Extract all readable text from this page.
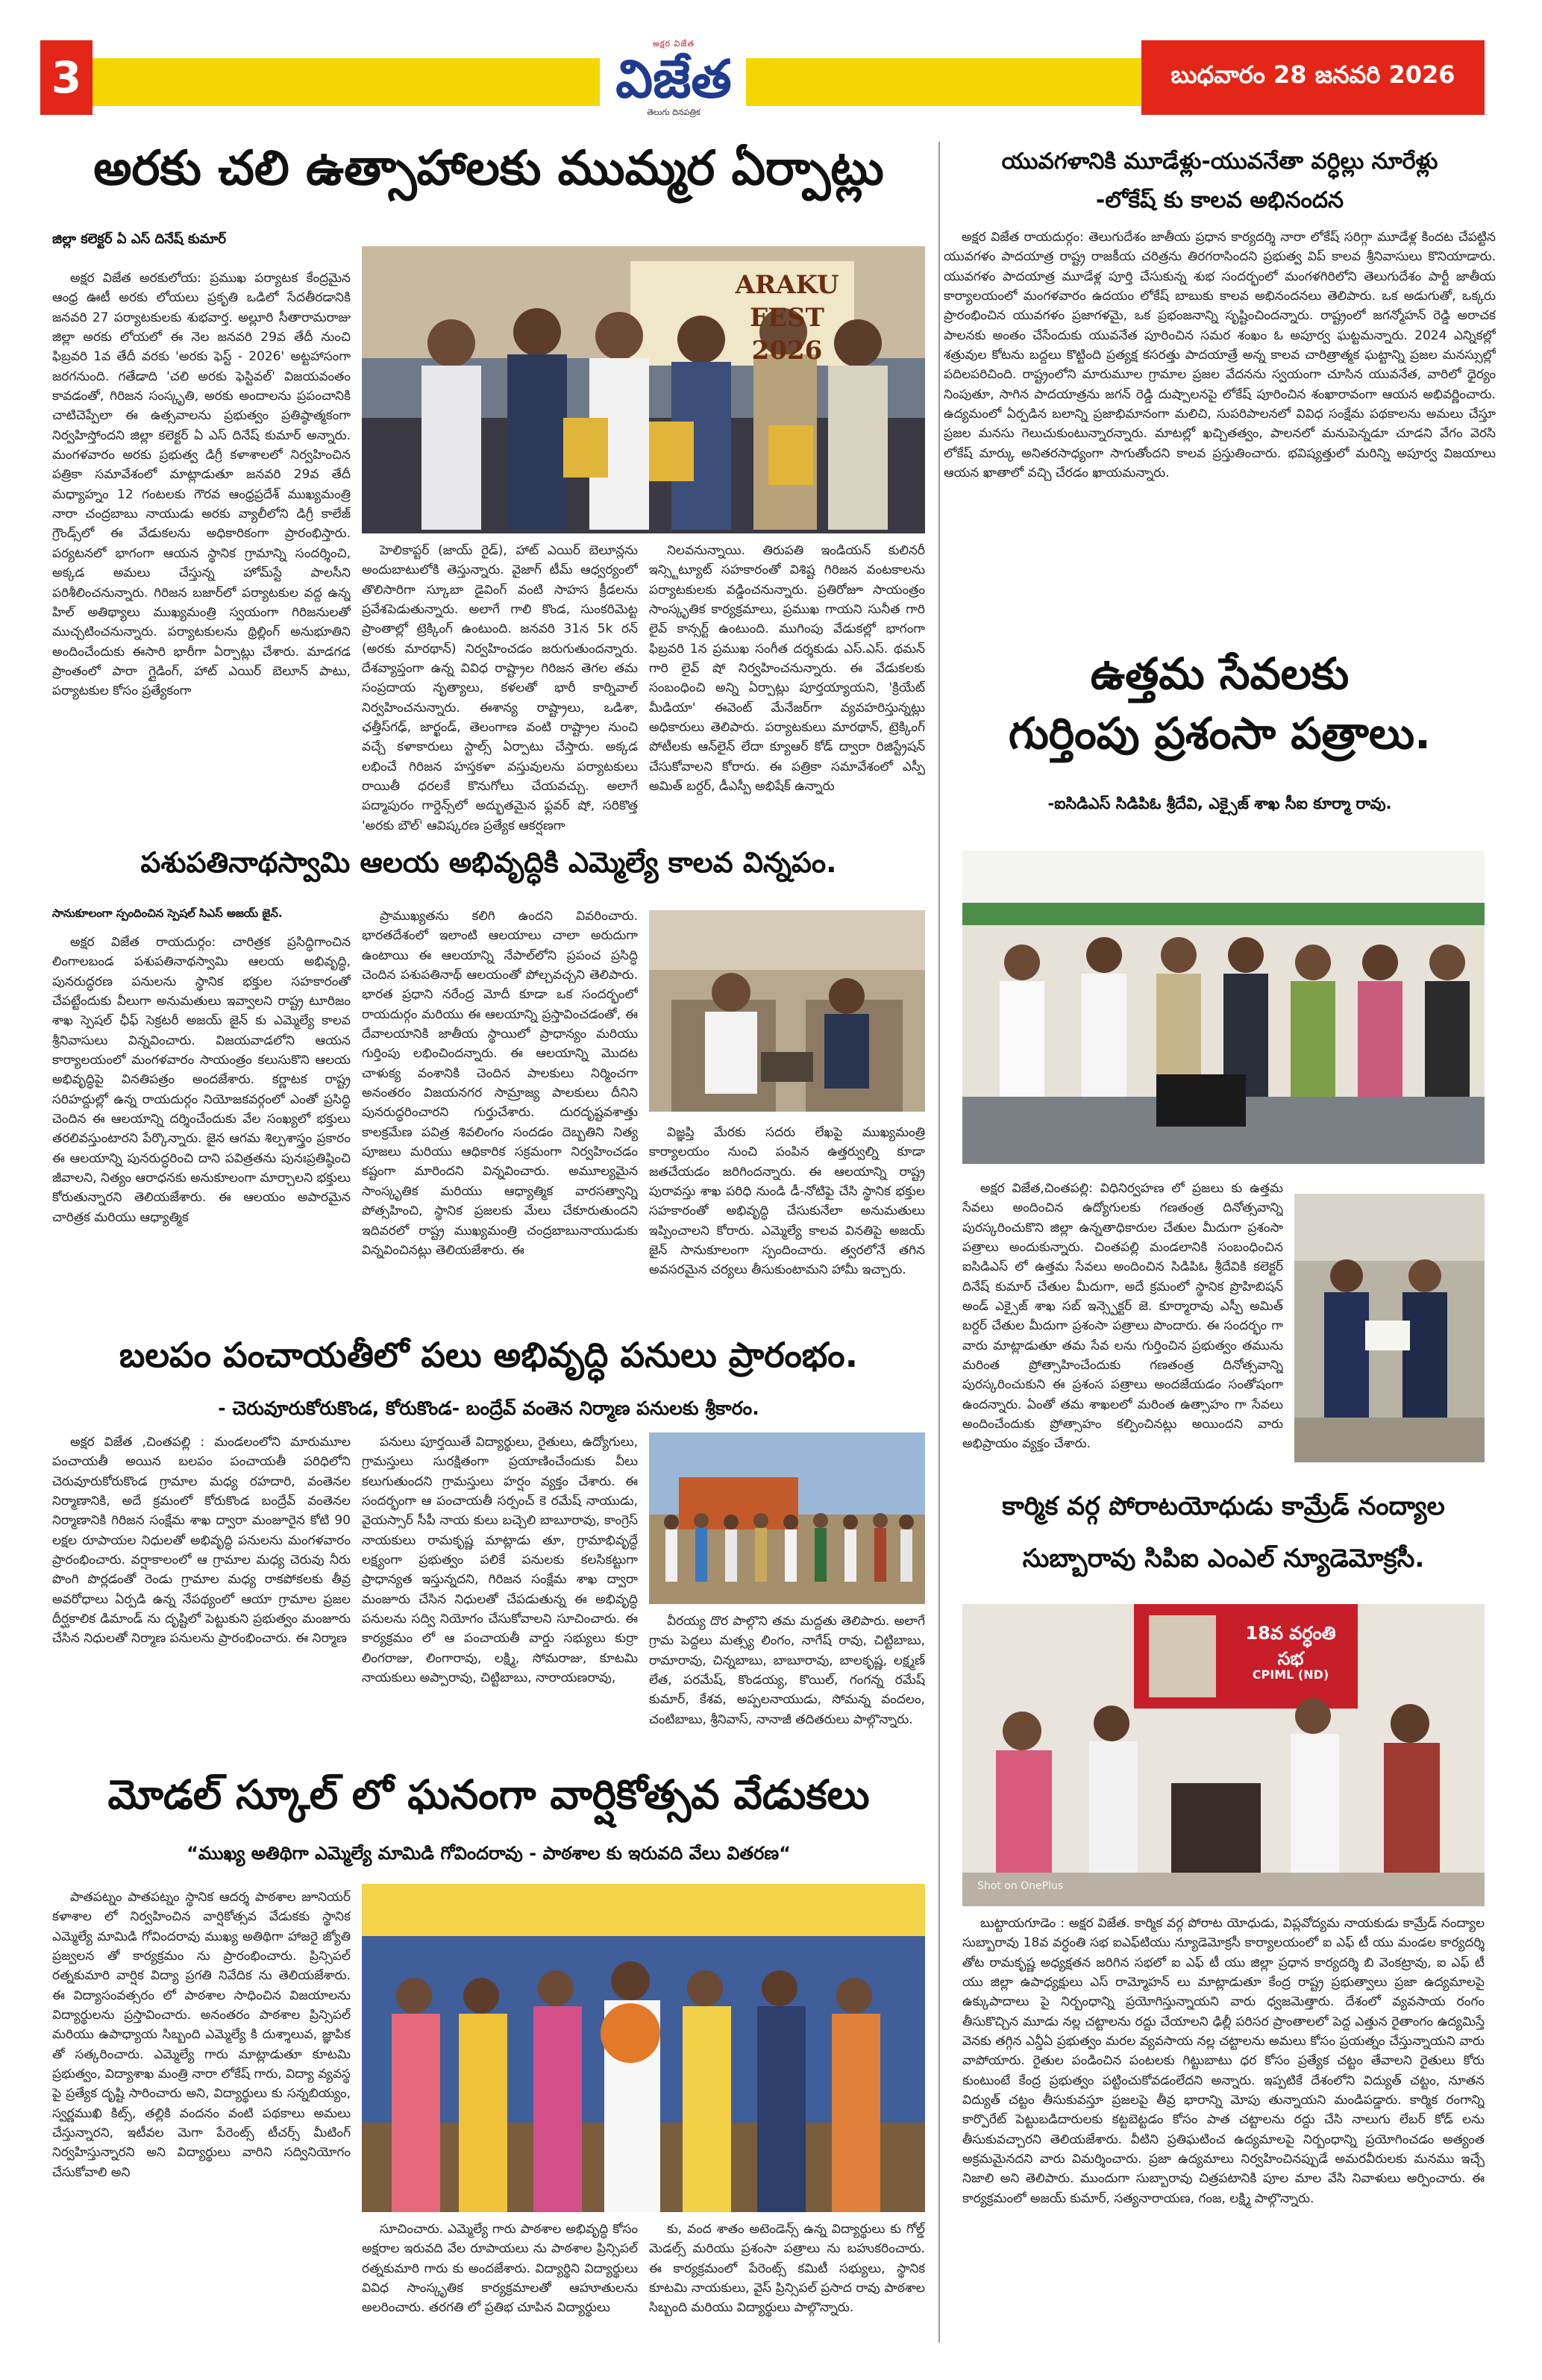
3
అక్షర విజేత
విజేత
తెలుగు దినపత్రిక
బుధవారం 28 జనవరి 2026
అరకు చలి ఉత్సాహాలకు ముమ్మర ఏర్పాట్లు
జిల్లా కలెక్టర్ ఏ ఎస్ దినేష్ కుమార్

అక్షర విజేత అరకులోయ: ప్రముఖ పర్యాటక కేంద్రమైన ఆంధ్ర ఊటీ అరకు లోయలు ప్రకృతి ఒడిలో సేదతీరడానికి జనవరి 27 పర్యాటకులకు శుభవార్త. అల్లూరి సీతారామరాజు జిల్లా అరకు లోయలో ఈ నెల జనవరి 29వ తేదీ నుంచి ఫిబ్రవరి 1వ తేదీ వరకు 'అరకు ఫెస్ట్ - 2026' అట్టహాసంగా జరగనుంది. గతేడాది 'చలి అరకు ఫెస్టివల్' విజయవంతం కావడంతో, గిరిజన సంస్కృతి, అరకు అందాలను ప్రపంచానికి చాటిచెప్పేలా ఈ ఉత్సవాలను ప్రభుత్వం ప్రతిష్ఠాత్మకంగా నిర్వహిస్తోందని జిల్లా కలెక్టర్ ఏ ఎస్ దినేష్ కుమార్ అన్నారు. మంగళవారం అరకు ప్రభుత్వ డిగ్రీ కళాశాలలో నిర్వహించిన పత్రికా సమావేశంలో మాట్లాడుతూ జనవరి 29వ తేదీ మధ్యాహ్నం 12 గంటలకు గౌరవ ఆంధ్రప్రదేశ్ ముఖ్యమంత్రి నారా చంద్రబాబు నాయుడు అరకు వ్యాలీలోని డిగ్రీ కాలేజ్ గ్రౌండ్స్‌లో ఈ వేడుకలను అధికారికంగా ప్రారంభిస్తారు. పర్యటనలో భాగంగా ఆయన స్థానిక గ్రామాన్ని సందర్శించి, అక్కడ అమలు చేస్తున్న హోమ్‌స్టే పాలసీని పరిశీలించనున్నారు. గిరిజన బజార్‌లో పర్యాటకుల వద్ద ఉన్న హిల్ అతిథ్యాలు ముఖ్యమంత్రి స్వయంగా గిరిజనులతో ముచ్చటించనున్నారు. పర్యాటకులను థ్రిల్లింగ్ అనుభూతిని అందించేందుకు ఈసారి భారీగా ఏర్పాట్లు చేశారు. మాడగడ ప్రాంతంలో పారా గ్లైడింగ్, హాట్ ఎయిర్ బెలూన్ పాటు, పర్యాటకుల కోసం ప్రత్యేకంగా

ARAKU FEST 2026

హెలికాప్టర్ (జాయ్ రైడ్), హాట్ ఎయిర్ బెలూన్లను అందుబాటులోకి తెస్తున్నారు. వైజాగ్ టీమ్ ఆధ్వర్యంలో తొలిసారిగా స్కూబా డైవింగ్ వంటి సాహస క్రీడలను ప్రవేశపెడుతున్నారు. అలాగే గాలి కొండ, సుంకరిమెట్ట ప్రాంతాల్లో ట్రెక్కింగ్ ఉంటుంది. జనవరి 31న 5k రన్ (అరకు మారథాన్) నిర్వహించడం జరుగుతుందన్నారు. దేశవ్యాప్తంగా ఉన్న వివిధ రాష్ట్రాల గిరిజన తెగల తమ సంప్రదాయ నృత్యాలు, కళలతో భారీ కార్నివాల్ నిర్వహించనున్నారు. ఈశాన్య రాష్ట్రాలు, ఒడిశా, ఛత్తీస్‌గఢ్, జార్ఖండ్, తెలంగాణ వంటి రాష్ట్రాల నుంచి వచ్చే కళాకారులు స్టాల్స్ ఏర్పాటు చేస్తారు. అక్కడ లభించే గిరిజన హస్తకళా వస్తువులను పర్యాటకులు రాయితీ ధరలకే కొనుగోలు చేయవచ్చు. అలాగే పద్మాపురం గార్డెన్స్‌లో అద్భుతమైన ఫ్లవర్ షో, సరికొత్త 'అరకు బౌల్' ఆవిష్కరణ ప్రత్యేక ఆకర్షణగా

నిలవనున్నాయి. తిరుపతి ఇండియన్ కులినరీ ఇన్స్టిట్యూట్ సహకారంతో విశిష్ట గిరిజన వంటకాలను పర్యాటకులకు వడ్డించనున్నారు. ప్రతిరోజూ సాయంత్రం సాంస్కృతిక కార్యక్రమాలు, ప్రముఖ గాయని సునీత గారి లైవ్ కాన్సర్ట్ ఉంటుంది. ముగింపు వేడుకల్లో భాగంగా ఫిబ్రవరి 1న ప్రముఖ సంగీత దర్శకుడు ఎస్.ఎస్. థమన్ గారి లైవ్ షో నిర్వహించనున్నారు. ఈ వేడుకలకు సంబంధించి అన్ని ఏర్పాట్లు పూర్తయ్యాయని, 'క్రియేట్ మీడియా' ఈవెంట్ మేనేజర్‌గా వ్యవహరిస్తున్నట్లు అధికారులు తెలిపారు. పర్యాటకులు మారథాన్, ట్రెక్కింగ్ పోటీలకు ఆన్‌లైన్ లేదా క్యూఆర్ కోడ్ ద్వారా రిజిస్ట్రేషన్ చేసుకోవాలని కోరారు. ఈ పత్రికా సమావేశంలో ఎస్పీ అమిత్ బర్దర్, డీఎస్పీ అభిషేక్ ఉన్నారు

యువగళానికి మూడేళ్లు-యువనేతా వర్ధిల్లు నూరేళ్లు
-లోకేష్ కు కాలవ అభినందన

అక్షర విజేత రాయదుర్గం: తెలుగుదేశం జాతీయ ప్రధాన కార్యదర్శి నారా లోకేష్ సరిగ్గా మూడేళ్ల కిందట చేపట్టిన యువగళం పాదయాత్ర రాష్ట్ర రాజకీయ చరిత్రను తిరగరాసిందని ప్రభుత్వ విప్ కాలవ శ్రీనివాసులు కొనియాడారు. యువగళం పాదయాత్ర మూడేళ్ల పూర్తి చేసుకున్న శుభ సందర్భంలో మంగళగిరిలోని తెలుగుదేశం పార్టీ జాతీయ కార్యాలయంలో మంగళవారం ఉదయం లోకేష్ బాబుకు కాలవ అభినందనలు తెలిపారు. ఒక అడుగుతో, ఒక్కరు ప్రారంభించిన యువగళం ప్రజాగళమై, ఒక ప్రభంజనాన్ని సృష్టించిందన్నారు. రాష్ట్రంలో జగన్మోహన్ రెడ్డి అరాచక పాలనకు అంతం చేసేందుకు యువనేత పూరించిన సమర శంఖం ఓ అపూర్వ ఘట్టమన్నారు. 2024 ఎన్నికల్లో శత్రువుల కోటను బద్దలు కొట్టింది ప్రత్యక్ష కసరత్తు పాదయాత్రే అన్న కాలవ చారిత్రాత్మక ఘట్టాన్ని ప్రజల మనస్సుల్లో పదిలపరిచింది. రాష్ట్రంలోని మారుమూల గ్రామాల ప్రజల వేదనను స్వయంగా చూసిన యువనేత, వారిలో ధైర్యం నింపుతూ, సాగిన పాదయాత్రను జగన్ రెడ్డి దుష్పాలనపై లోకేష్ పూరించిన శంఖారావంగా ఆయన అభివర్ణించారు. ఉద్యమంలో ఏర్పడిన బలాన్ని ప్రజాభిమానంగా మలిచి, సుపరిపాలనలో వివిధ సంక్షేమ పథకాలను అమలు చేస్తూ ప్రజల మనసు గెలుచుకుంటున్నారన్నారు. మాటల్లో ఖచ్చితత్వం, పాలనలో మనుపెన్నడూ చూడని వేగం వెరసి లోకేష్ మార్కు అనితరసాధ్యంగా సాగుతోందని కాలవ ప్రస్తుతించారు. భవిష్యత్తులో మరిన్ని అపూర్వ విజయాలు ఆయన ఖాతాలో వచ్చి చేరడం ఖాయమన్నారు.

ఉత్తమ సేవలకు
గుర్తింపు ప్రశంసా పత్రాలు.
-ఐసిడిఎస్ సిడిపిఓ శ్రీదేవి, ఎక్సైజ్ శాఖ సీఐ కూర్మా రావు.

అక్షర విజేత,చింతపల్లి: విధినిర్వహణ లో ప్రజలు కు ఉత్తమ సేవలు అందించిన ఉద్యోగులకు గణతంత్ర దినోత్సవాన్ని పురస్కరించుకొని జిల్లా ఉన్నతాధికారుల చేతుల మీదుగా ప్రశంసా పత్రాలు అందుకున్నారు. చింతపల్లి మండలానికి సంబంధించిన ఐసిడిఎస్ లో ఉత్తమ సేవలు అందించిన సిడిపిఓ శ్రీదేవికి కలెక్టర్ దినేష్ కుమార్ చేతుల మీదుగా, అదే క్రమంలో స్థానిక ప్రొహిబిషన్ అండ్ ఎక్సైజ్ శాఖ సబ్ ఇన్స్పెక్టర్ జె. కూర్మారావు ఎస్పీ అమిత్ బర్దర్ చేతుల మీదుగా ప్రశంసా పత్రాలు పొందారు. ఈ సందర్భం గా వారు మాట్లాడుతూ తమ సేవ లను గుర్తించిన ప్రభుత్వం తమును మరింత ప్రోత్సాహించేందుకు గణతంత్ర దినోత్సవాన్ని పురస్కరించుకుని ఈ ప్రశంస పత్రాలు అందజేయడం సంతోషంగా ఉందన్నారు. ఏంతో తమ శాఖలలో మరింత ఉత్సాహం గా సేవలు అందించేందుకు ప్రోత్సాహం కల్పించినట్లు అయిందని వారు అభిప్రాయం వ్యక్తం చేశారు.

పశుపతినాథస్వామి ఆలయ అభివృద్ధికి ఎమ్మెల్యే కాలవ విన్నపం.
సానుకూలంగా స్పందించిన స్పెషల్ సిఎస్ అజయ్ జైన్.

అక్షర విజేత రాయదుర్గం: చారిత్రక ప్రసిద్ధిగాంచిన లింగాలబండ పశుపతినాథస్వామి ఆలయ అభివృద్ధి, పునరుద్ధరణ పనులను స్థానిక భక్తుల సహకారంతో చేపట్టేందుకు వీలుగా అనుమతులు ఇవ్వాలని రాష్ట్ర టూరిజం శాఖ స్పెషల్ ఛీఫ్ సెక్రటరీ అజయ్ జైన్ కు ఎమ్మెల్యే కాలవ శ్రీనివాసులు విన్నవించారు. విజయవాడలోని ఆయన కార్యాలయంలో మంగళవారం సాయంత్రం కలుసుకొని ఆలయ అభివృద్ధిపై వినతిపత్రం అందజేశారు. కర్ణాటక రాష్ట్ర సరిహద్దుల్లో ఉన్న రాయదుర్గం నియోజకవర్గంలో ఎంతో ప్రసిద్ధి చెందిన ఈ ఆలయాన్ని దర్శించేందుకు వేల సంఖ్యలో భక్తులు తరలివస్తుంటారని పేర్కొన్నారు. జైన ఆగమ శిల్పశాస్త్రం ప్రకారం ఈ ఆలయాన్ని పునరుద్ధరించి దాని పవిత్రతను పునఃప్రతిష్ఠించి జీవాలని, నిత్యం ఆరాధనకు అనుకూలంగా మార్చాలని భక్తులు కోరుతున్నారని తెలియజేశారు. ఈ ఆలయం అపారమైన చారిత్రక మరియు ఆధ్యాత్మిక

ప్రాముఖ్యతను కలిగి ఉందని వివరించారు. భారతదేశంలో ఇలాంటి ఆలయాలు చాలా అరుదుగా ఉంటాయి ఈ ఆలయాన్ని నేపాల్‌లోని ప్రపంచ ప్రసిద్ధి చెందిన పశుపతినాథ్ ఆలయంతో పోల్చవచ్చని తెలిపారు. భారత ప్రధాని నరేంద్ర మోదీ కూడా ఒక సందర్భంలో రాయదుర్గం మరియు ఈ ఆలయాన్ని ప్రస్తావించడంతో, ఈ దేవాలయానికి జాతీయ స్థాయిలో ప్రాధాన్యం మరియు గుర్తింపు లభించిందన్నారు. ఈ ఆలయాన్ని మొదట చాళుక్య వంశానికి చెందిన పాలకులు నిర్మించగా అనంతరం విజయనగర సామ్రాజ్య పాలకులు దీనిని పునరుద్ధరించారని గుర్తుచేశారు. దురదృష్టవశాత్తు కాలక్రమేణ పవిత్ర శివలింగం సందడం దెబ్బతిని నిత్య పూజలు మరియు ఆధికారిక సక్రమంగా నిర్వహించడం కష్టంగా మారిందని విన్నవించారు. అమూల్యమైన సాంస్కృతిక మరియు ఆధ్యాత్మిక వారసత్వాన్ని పోత్సహించి, స్థానిక ప్రజలకు మేలు చేకూరుతుందని ఇదివరలో రాష్ట్ర ముఖ్యమంత్రి చంద్రబాబునాయుడుకు విన్నవించినట్లు తెలియజేశారు. ఈ

విజ్ఞప్తి మేరకు సదరు లేఖపై ముఖ్యమంత్రి కార్యాలయం నుంచి పంపిన ఉత్తర్వుల్ని కూడా జతచేయడం జరిగిందన్నారు. ఈ ఆలయాన్ని రాష్ట్ర పురావస్తు శాఖ పరిధి నుండి డీ-నోటిఫై చేసి స్థానిక భక్తుల సహకారంతో అభివృద్ధి చేసుకునేలా అనుమతులు ఇప్పించాలని కోరారు. ఎమ్మెల్యే కాలవ వినతిపై అజయ్ జైన్ సానుకూలంగా స్పందించారు. త్వరలోనే తగిన అవసరమైన చర్యలు తీసుకుంటామని హామీ ఇచ్చారు.

బలపం పంచాయతీలో పలు అభివృద్ధి పనులు ప్రారంభం.
- చెరువూరుకోరుకొండ, కోరుకొండ- బంద్రేవ్ వంతెన నిర్మాణ పనులకు శ్రీకారం.

అక్షర విజేత ,చింతపల్లి : మండలంలోని మారుమూల పంచాయతీ అయిన బలపం పంచాయతీ పరిధిలోని చెరువూరుకోరుకొండ గ్రామాల మధ్య రహదారి, వంతెనల నిర్మాణానికి, అదే క్రమంలో కోరుకొండ బంద్రేవ్ వంతెనల నిర్మాణానికి గిరిజన సంక్షేమ శాఖ ద్వారా మంజూరైన కోటి 90 లక్షల రూపాయల నిధులతో అభివృద్ధి పనులను మంగళవారం ప్రారంభించారు. వర్షాకాలంలో ఆ గ్రామాల మధ్య చెరువు నీరు పొంగి పొర్లడంతో రెండు గ్రామాల మధ్య రాకపోకలకు తీవ్ర అవరోధాలు ఏర్పడి ఉన్న నేపథ్యంలో ఆయా గ్రామాల ప్రజల దీర్ఘకాలిక డిమాండ్ ను దృష్టిలో పెట్టుకుని ప్రభుత్వం మంజూరు చేసిన నిధులతో నిర్మాణ పనులను ప్రారంభించారు. ఈ నిర్మాణ

పనులు పూర్తయితే విద్యార్థులు, రైతులు, ఉద్యోగులు, గ్రామస్తులు సురక్షితంగా ప్రయాణించేందుకు వీలు కలుగుతుందని గ్రామస్తులు హర్షం వ్యక్తం చేశారు. ఈ సందర్భంగా ఆ పంచాయతీ సర్పంచ్ కె రమేష్ నాయుడు, వైయస్సార్ సీపీ నాయ కులు బచ్చెలి బాబూరావు, కాంగ్రెస్ నాయకులు రామకృష్ణ మాట్లాడు తూ, గ్రామాభివృద్ధే లక్ష్యంగా ప్రభుత్వం పలికే పనులకు కలసికట్టుగా ప్రాధాన్యత ఇస్తున్నదని, గిరిజన సంక్షేమ శాఖ ద్వారా మంజూరు చేసిన నిధులతో చేపడుతున్న ఈ అభివృద్ధి పనులను సద్వి నియోగం చేసుకోవాలని సూచించారు. ఈ కార్యక్రమం లో ఆ పంచాయతీ వార్డు సభ్యులు కుర్రా లింగరాజు, లింగారావు, లక్ష్మి, సోమరాజు, కూటమి నాయకులు అప్పారావు, చిట్టిబాబు, నారాయణరావు,

వీరయ్య దొర పాల్గొని తమ మద్దతు తెలిపారు. అలాగే గ్రామ పెద్దలు మత్స్య లింగం, నాగేష్ రావు, చిట్టిబాబు, రామారావు, చిన్నబాబు, బాబూరావు, బాలకృష్ణ, లక్ష్మణ్ లేత, పరమేష్, కొండయ్య, కొయిల్, గంగన్న రమేష్ కుమార్, కేశవ, అప్పలనాయుడు, సోమన్న వందలం, చంటిబాబు, శ్రీనివాస్, నానాజీ తదితరులు పాల్గొన్నారు.

కార్మిక వర్గ పోరాటయోధుడు కామ్రేడ్ నంద్యాల
సుబ్బారావు సిపిఐ ఎంఎల్ న్యూడెమోక్రసీ.
18వ వర్ధంతి సభ
CPIML (ND)
Shot on OnePlus

బుట్టాయగూడెం : అక్షర విజేత. కార్మిక వర్గ పోరాట యోధుడు, విప్లవోద్యమ నాయకుడు కామ్రేడ్ నంద్యాల సుబ్బారావు 18వ వర్ధంతి సభ ఐఎఫ్‌టియు న్యూడెమోక్రసీ కార్యాలయంలో ఐ ఎఫ్ టీ యు మండల కార్యదర్శి తోట రామకృష్ణ అధ్యక్షతన జరిగిన సభలో ఐ ఎఫ్ టీ యు జిల్లా ప్రధాన కార్యదర్శి బి వెంకట్రావు, ఐ ఎఫ్ టీ యు జిల్లా ఉపాధ్యక్షులు ఎస్ రామ్మోహన్ లు మాట్లాడుతూ కేంద్ర రాష్ట్ర ప్రభుత్వాలు ప్రజా ఉద్యమాలపై ఉక్కుపాదాలు పై నిర్బంధాన్ని ప్రయోగిస్తున్నాయని వారు ధ్వజమెత్తారు. దేశంలో వ్యవసాయ రంగం తీసుకొచ్చిన మూడు నల్ల చట్టాలను రద్దు చేయాలని ఢిల్లీ పరిసర ప్రాంతాలలో పెద్ద ఎత్తున రైతాంగం ఉద్యమిస్తే వెనకు తగ్గిన ఎన్డీఏ ప్రభుత్వం మరల వ్యవసాయ నల్ల చట్టాలను అమలు కోసం ప్రయత్నం చేస్తున్నాయని వారు వాపోయారు. రైతుల పండించిన పంటలకు గిట్టుబాటు ధర కోసం ప్రత్యేక చట్టం తేవాలని రైతులు కోరు కుంటుంటే కేంద్ర ప్రభుత్వం పట్టించుకోవడంలేదని అన్నారు. ఇప్పటికే దేశంలోని విద్యుత్ చట్టం, నూతన విద్యుత్ చట్టం తీసుకువస్తూ ప్రజలపై తీవ్ర భారాన్ని మోపు తున్నాయని మండిపడ్డారు. కార్మిక రంగాన్ని కార్పొరేట్ పెట్టుబడిదారులకు కట్టబెట్టడం కోసం పాత చట్టాలను రద్దు చేసి నాలుగు లేబర్ కోడ్ లను తీసుకువచ్చారని తెలియజేశారు. వీటిని ప్రతిఘటించ ఉద్యమాలపై నిర్బంధాన్ని ప్రయోగించడం అత్యంత అక్రమమైనదని వారు విమర్శించారు. ప్రజా ఉద్యమాలు నిర్వహించినప్పుడే అమరవీరులకు మనము ఇచ్చే నిజాలి అని తెలిపారు. ముందుగా సుబ్బారావు చిత్రపటానికి పూల మాల వేసి నివాళులు అర్పించారు. ఈ కార్యక్రమంలో అజయ్ కుమార్, సత్యనారాయణ, గంజ, లక్ష్మి పాల్గొన్నారు.

మోడల్ స్కూల్ లో ఘనంగా వార్షికోత్సవ వేడుకలు
“ముఖ్య అతిథిగా ఎమ్మెల్యే మామిడి గోవిందరావు - పాఠశాల కు ఇరువది వేలు వితరణ“

పాతపట్నం పాతపట్నం స్థానిక ఆదర్శ పాఠశాల జూనియర్ కళాశాల లో నిర్వహించిన వార్షికోత్సవ వేడుకకు స్థానిక ఎమ్మెల్యే మామిడి గోవిందరావు ముఖ్య అతిథిగా హాజరై జ్యోతి ప్రజ్వలన తో కార్యక్రమం ను ప్రారంభించారు. ప్రిన్సిపల్ రత్నకుమారి వార్షిక విద్యా ప్రగతి నివేదిక ను తెలియజేశారు. ఈ విద్యాసంవత్సరం లో పాఠశాల సాధించిన విజయాలను విద్యార్థులను ప్రస్తావించారు. అనంతరం పాఠశాల ప్రిన్సిపల్ మరియు ఉపాధ్యాయ సిబ్బంది ఎమ్మెల్యే కి దుశ్శాలువ, జ్ఞాపిక తో సత్కరించారు. ఎమ్మెల్యే గారు మాట్లాడుతూ కూటమి ప్రభుత్వం, విద్యాశాఖ మంత్రి నారా లోకేష్ గారు, విద్యా వ్యవస్థ పై ప్రత్యేక దృష్టి సారించారు అని, విద్యార్థులు కు సన్నబియ్యం, స్వర్ణముఖి కిట్స్, తల్లికి వందనం వంటి పథకాలు అమలు చేస్తున్నారని, ఇటీవల మెగా పేరెంట్స్ టీచర్స్ మీటింగ్ నిర్వహిస్తున్నారని అని విద్యార్థులు వారిని సద్వినియోగం చేసుకోవాలి అని

సూచించారు. ఎమ్మెల్యే గారు పాఠశాల అభివృద్ధి కోసం అక్షరాల ఇరువది వేల రూపాయలు ను పాఠశాల ప్రిన్సిపల్ రత్నకుమారి గారు కు అందజేశారు. విద్యార్థిని విద్యార్థులు వివిధ సాంస్కృతిక కార్యక్రమాలతో ఆహూతులను అలరించారు. తరగతి లో ప్రతిభ చూపిన విద్యార్థులు

కు, వంద శాతం అటెండెన్స్ ఉన్న విద్యార్థులు కు గోల్డ్ మెడల్స్ మరియు ప్రశంసా పత్రాలు ను బహుకరించారు. ఈ కార్యక్రమంలో పేరెంట్స్ కమిటీ సభ్యులు, స్థానిక కూటమి నాయకులు, వైస్ ప్రిన్సిపల్ ప్రసాద రావు పాఠశాల సిబ్బంది మరియు విద్యార్థులు పాల్గొన్నారు.
